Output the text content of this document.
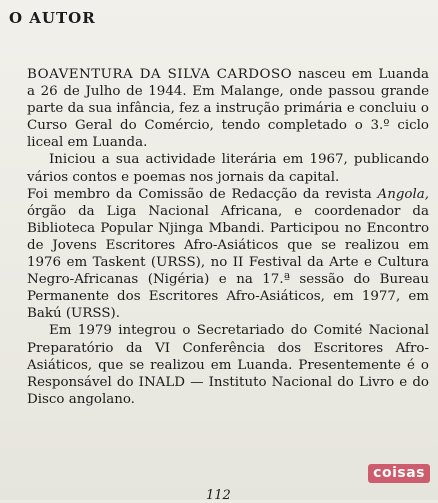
O AUTOR

BOAVENTURA DA SILVA CARDOSO nasceu em Luanda a 26 de Julho de 1944. Em Malange, onde passou grande parte da sua infância, fez a instrução primária e concluiu o Curso Geral do Comércio, tendo completado o 3.º ciclo liceal em Luanda.

Iniciou a sua actividade literária em 1967, publicando vários contos e poemas nos jornais da capital.

Foi membro da Comissão de Redacção da revista Angola, órgão da Liga Nacional Africana, e coordenador da Biblioteca Popular Njinga Mbandi. Participou no Encontro de Jovens Escritores Afro-Asiáticos que se realizou em 1976 em Taskent (URSS), no II Festival da Arte e Cultura Negro-Africanas (Nigéria) e na 17.ª sessão do Bureau Permanente dos Escritores Afro-Asiáticos, em 1977, em Bakú (URSS).

Em 1979 integrou o Secretariado do Comité Nacional Preparatório da VI Conferência dos Escritores Afro-Asiáticos, que se realizou em Luanda. Presentemente é o Responsável do INALD — Instituto Nacional do Livro e do Disco angolano.

coisas
112
